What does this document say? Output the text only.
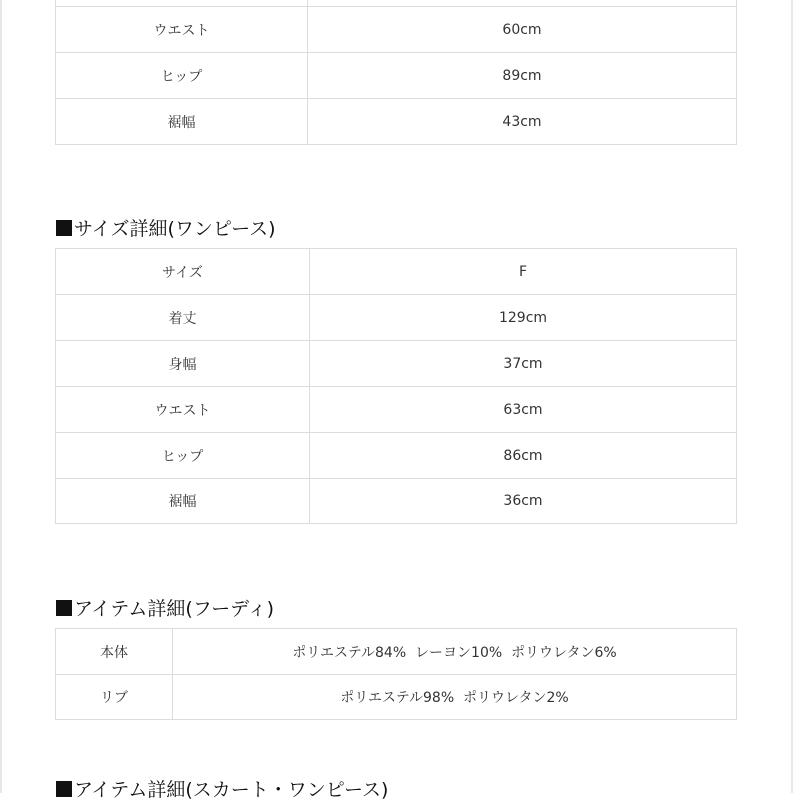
ウエスト	60cm
ヒップ	89cm
裾幅	43cm
サイズ詳細(ワンピース)
サイズ	F
着丈	129cm
身幅	37cm
ウエスト	63cm
ヒップ	86cm
裾幅	36cm
アイテム詳細(フーディ)
本体	ポリエステル84%  レーヨン10%  ポリウレタン6%
リブ	ポリエステル98%  ポリウレタン2%
アイテム詳細(スカート・ワンピース)
